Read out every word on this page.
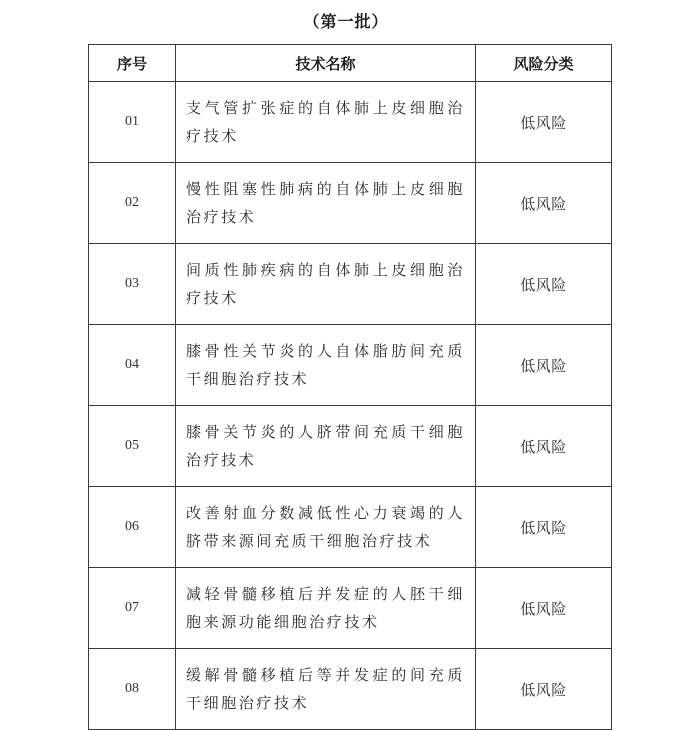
（第一批）
序号	技术名称	风险分类
01	支气管扩张症的自体肺上皮细胞治疗技术	低风险
02	慢性阻塞性肺病的自体肺上皮细胞治疗技术	低风险
03	间质性肺疾病的自体肺上皮细胞治疗技术	低风险
04	膝骨性关节炎的人自体脂肪间充质干细胞治疗技术	低风险
05	膝骨关节炎的人脐带间充质干细胞治疗技术	低风险
06	改善射血分数减低性心力衰竭的人脐带来源间充质干细胞治疗技术	低风险
07	减轻骨髓移植后并发症的人胚干细胞来源功能细胞治疗技术	低风险
08	缓解骨髓移植后等并发症的间充质干细胞治疗技术	低风险
